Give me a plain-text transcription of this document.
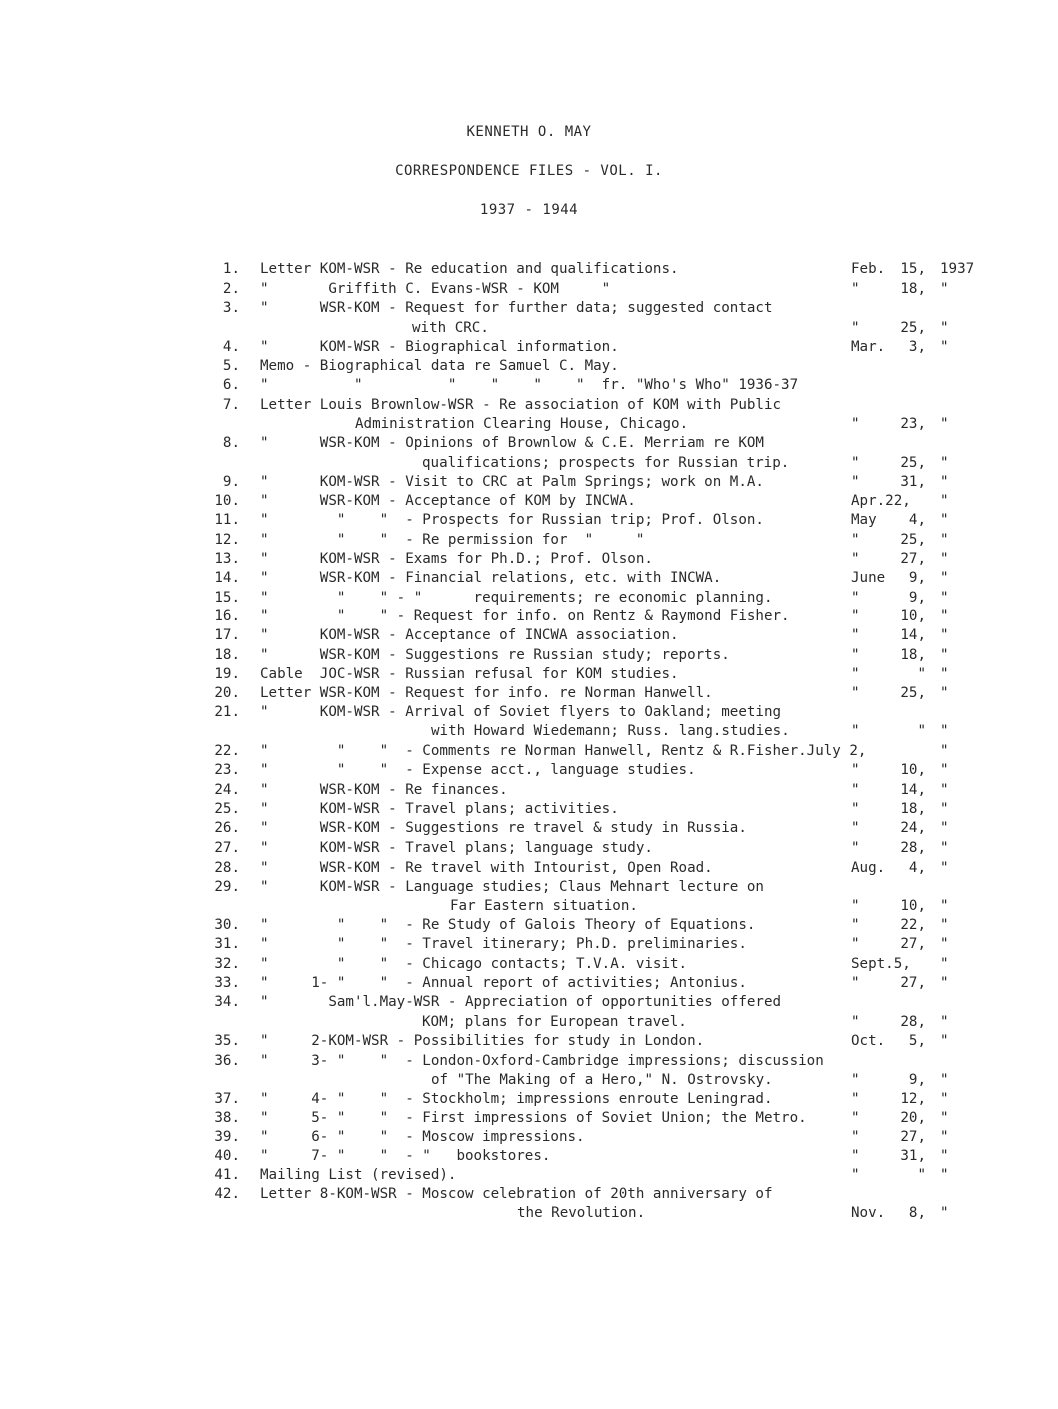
KENNETH O. MAY
CORRESPONDENCE FILES - VOL. I.
1937 - 1944
1. Letter KOM-WSR - Re education and qualifications.	Feb.	15, 1937
2. "       Griffith C. Evans-WSR - KOM     "	"	18, "
3. "      WSR-KOM - Request for further data; suggested contact
with CRC.	"	25, "
4. "      KOM-WSR - Biographical information.	Mar.	3, "
5. Memo - Biographical data re Samuel C. May.
6. "          "          "    "    "    "  fr. "Who's Who" 1936-37
7. Letter Louis Brownlow-WSR - Re association of KOM with Public
Administration Clearing House, Chicago.	"	23, "
8. "      WSR-KOM - Opinions of Brownlow & C.E. Merriam re KOM
qualifications; prospects for Russian trip.	"	25, "
9. "      KOM-WSR - Visit to CRC at Palm Springs; work on M.A.	"	31, "
10. "      WSR-KOM - Acceptance of KOM by INCWA.	Apr.22, "
11. "        "    "  - Prospects for Russian trip; Prof. Olson.	May	4, "
12. "        "    "  - Re permission for  "     "	"	25, "
13. "      KOM-WSR - Exams for Ph.D.; Prof. Olson.	"	27, "
14. "      WSR-KOM - Financial relations, etc. with INCWA.	June	9, "
15. "        "    " - "      requirements; re economic planning.	"	9, "
16. "        "    " - Request for info. on Rentz & Raymond Fisher.	"	10, "
17. "      KOM-WSR - Acceptance of INCWA association.	"	14, "
18. "      WSR-KOM - Suggestions re Russian study; reports.	"	18, "
19. Cable  JOC-WSR - Russian refusal for KOM studies.	"	" "
20. Letter WSR-KOM - Request for info. re Norman Hanwell.	"	25, "
21. "      KOM-WSR - Arrival of Soviet flyers to Oakland; meeting
with Howard Wiedemann; Russ. lang.studies.	"	" "
22. "        "    "  - Comments re Norman Hanwell, Rentz & R.Fisher.July 2,	"
23. "        "    "  - Expense acct., language studies.	"	10, "
24. "      WSR-KOM - Re finances.	"	14, "
25. "      KOM-WSR - Travel plans; activities.	"	18, "
26. "      WSR-KOM - Suggestions re travel & study in Russia.	"	24, "
27. "      KOM-WSR - Travel plans; language study.	"	28, "
28. "      WSR-KOM - Re travel with Intourist, Open Road.	Aug.	4, "
29. "      KOM-WSR - Language studies; Claus Mehnart lecture on
Far Eastern situation.	"	10, "
30. "        "    "  - Re Study of Galois Theory of Equations.	"	22, "
31. "        "    "  - Travel itinerary; Ph.D. preliminaries.	"	27, "
32. "        "    "  - Chicago contacts; T.V.A. visit.	Sept.5, "
33. "     1- "    "  - Annual report of activities; Antonius.	"	27, "
34. "       Sam'l.May-WSR - Appreciation of opportunities offered
KOM; plans for European travel.	"	28, "
35. "     2-KOM-WSR - Possibilities for study in London.	Oct.	5, "
36. "     3- "    "  - London-Oxford-Cambridge impressions; discussion
of "The Making of a Hero," N. Ostrovsky.	"	9, "
37. "     4- "    "  - Stockholm; impressions enroute Leningrad.	"	12, "
38. "     5- "    "  - First impressions of Soviet Union; the Metro.	"	20, "
39. "     6- "    "  - Moscow impressions.	"	27, "
40. "     7- "    "  - "   bookstores.	"	31, "
41. Mailing List (revised).	"	" "
42. Letter 8-KOM-WSR - Moscow celebration of 20th anniversary of
the Revolution.	Nov.	8, "
